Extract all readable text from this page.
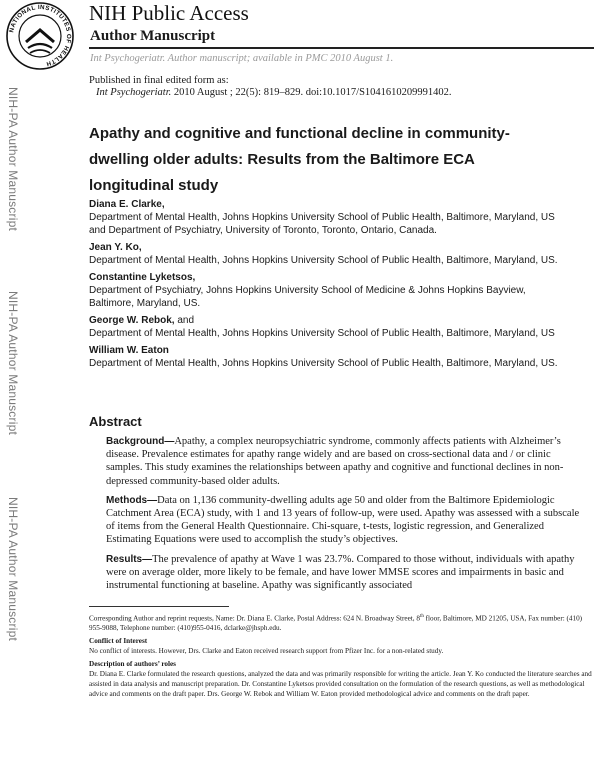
NATIONAL INSTITUTES OF HEALTH
NIH Public Access
Author Manuscript
Int Psychogeriatr. Author manuscript; available in PMC 2010 August 1.
Published in final edited form as:
Int Psychogeriatr. 2010 August ; 22(5): 819–829. doi:10.1017/S1041610209991402.
NIH-PA Author Manuscript
NIH-PA Author Manuscript
NIH-PA Author Manuscript
Apathy and cognitive and functional decline in community-dwelling older adults: Results from the Baltimore ECA longitudinal study
Diana E. Clarke,
Department of Mental Health, Johns Hopkins University School of Public Health, Baltimore, Maryland, US and Department of Psychiatry, University of Toronto, Toronto, Ontario, Canada.
Jean Y. Ko,
Department of Mental Health, Johns Hopkins University School of Public Health, Baltimore, Maryland, US.
Constantine Lyketsos,
Department of Psychiatry, Johns Hopkins University School of Medicine & Johns Hopkins Bayview, Baltimore, Maryland, US.
George W. Rebok, and
Department of Mental Health, Johns Hopkins University School of Public Health, Baltimore, Maryland, US
William W. Eaton
Department of Mental Health, Johns Hopkins University School of Public Health, Baltimore, Maryland, US.
Abstract

Background—Apathy, a complex neuropsychiatric syndrome, commonly affects patients with Alzheimer’s disease. Prevalence estimates for apathy range widely and are based on cross-sectional data and / or clinic samples. This study examines the relationships between apathy and cognitive and functional declines in non-depressed community-based older adults.

Methods—Data on 1,136 community-dwelling adults age 50 and older from the Baltimore Epidemiologic Catchment Area (ECA) study, with 1 and 13 years of follow-up, were used. Apathy was assessed with a subscale of items from the General Health Questionnaire. Chi-square, t-tests, logistic regression, and Generalized Estimating Equations were used to accomplish the study’s objectives.

Results—The prevalence of apathy at Wave 1 was 23.7%. Compared to those without, individuals with apathy were on average older, more likely to be female, and have lower MMSE scores and impairments in basic and instrumental functioning at baseline. Apathy was significantly associated

Corresponding Author and reprint requests, Name: Dr. Diana E. Clarke, Postal Address: 624 N. Broadway Street, 8th floor, Baltimore, MD 21205, USA, Fax number: (410) 955-9088, Telephone number: (410)955-0416, dclarke@jhsph.edu.
Conflict of Interest
No conflict of interests. However, Drs. Clarke and Eaton received research support from Pfizer Inc. for a non-related study.
Description of authors’ roles
Dr. Diana E. Clarke formulated the research questions, analyzed the data and was primarily responsible for writing the article. Jean Y. Ko conducted the literature searches and assisted in data analysis and manuscript preparation. Dr. Constantine Lyketsos provided consultation on the formulation of the research questions, as well as methodological advice and comments on the draft paper. Drs. George W. Rebok and William W. Eaton provided methodological advice and comments on the draft paper.
